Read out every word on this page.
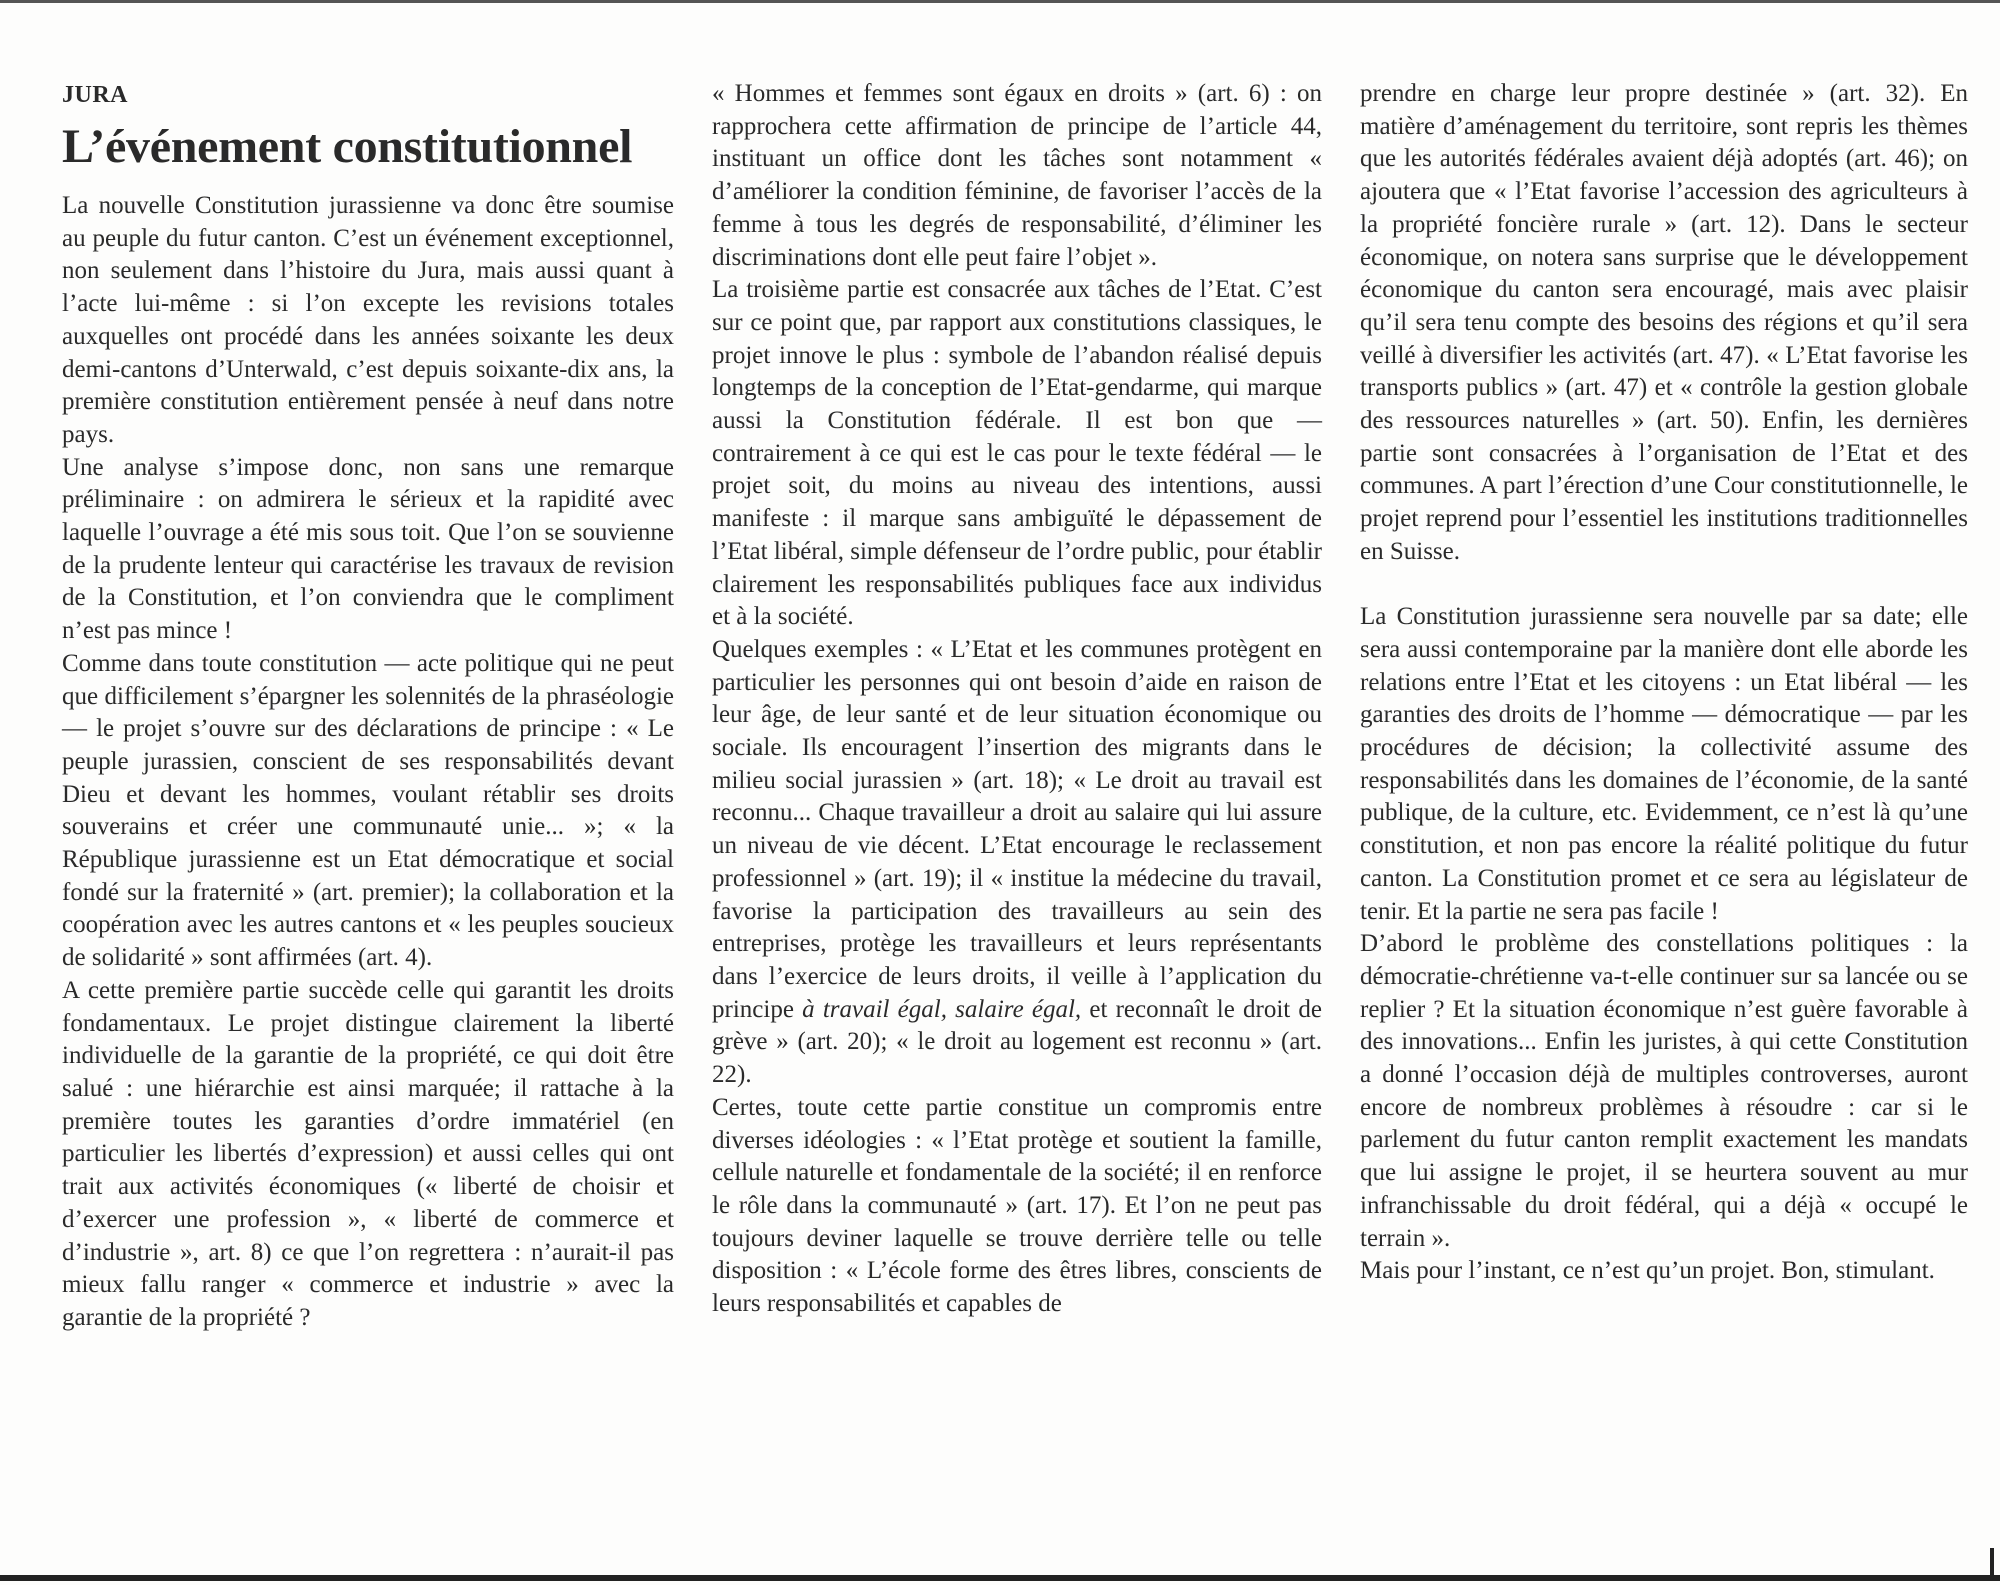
JURA
L’événement constitutionnel

La nouvelle Constitution jurassienne va donc être soumise au peuple du futur canton. C’est un événement exceptionnel, non seulement dans l’histoire du Jura, mais aussi quant à l’acte lui-même : si l’on excepte les revisions totales auxquelles ont procédé dans les années soixante les deux demi-cantons d’Unterwald, c’est depuis soixante-dix ans, la première constitution entièrement pensée à neuf dans notre pays.

Une analyse s’impose donc, non sans une remarque préliminaire : on admirera le sérieux et la rapidité avec laquelle l’ouvrage a été mis sous toit. Que l’on se souvienne de la prudente lenteur qui caractérise les travaux de revision de la Constitution, et l’on conviendra que le compliment n’est pas mince !

Comme dans toute constitution — acte politique qui ne peut que difficilement s’épargner les solennités de la phraséologie — le projet s’ouvre sur des déclarations de principe : « Le peuple jurassien, conscient de ses responsabilités devant Dieu et devant les hommes, voulant rétablir ses droits souverains et créer une communauté unie... »; « la République jurassienne est un Etat démocratique et social fondé sur la fraternité » (art. premier); la collaboration et la coopération avec les autres cantons et « les peuples soucieux de solidarité » sont affirmées (art. 4).

A cette première partie succède celle qui garantit les droits fondamentaux. Le projet distingue clairement la liberté individuelle de la garantie de la propriété, ce qui doit être salué : une hiérarchie est ainsi marquée; il rattache à la première toutes les garanties d’ordre immatériel (en particulier les libertés d’expression) et aussi celles qui ont trait aux activités économiques (« liberté de choisir et d’exercer une profession », « liberté de commerce et d’industrie », art. 8) ce que l’on regrettera : n’aurait-il pas mieux fallu ranger « commerce et industrie » avec la garantie de la propriété ?

« Hommes et femmes sont égaux en droits » (art. 6) : on rapprochera cette affirmation de principe de l’article 44, instituant un office dont les tâches sont notamment « d’améliorer la condition féminine, de favoriser l’accès de la femme à tous les degrés de responsabilité, d’éliminer les discriminations dont elle peut faire l’objet ».

La troisième partie est consacrée aux tâches de l’Etat. C’est sur ce point que, par rapport aux constitutions classiques, le projet innove le plus : symbole de l’abandon réalisé depuis longtemps de la conception de l’Etat-gendarme, qui marque aussi la Constitution fédérale. Il est bon que — contrairement à ce qui est le cas pour le texte fédéral — le projet soit, du moins au niveau des intentions, aussi manifeste : il marque sans ambiguïté le dépassement de l’Etat libéral, simple défenseur de l’ordre public, pour établir clairement les responsabilités publiques face aux individus et à la société.

Quelques exemples : « L’Etat et les communes protègent en particulier les personnes qui ont besoin d’aide en raison de leur âge, de leur santé et de leur situation économique ou sociale. Ils encouragent l’insertion des migrants dans le milieu social jurassien » (art. 18); « Le droit au travail est reconnu... Chaque travailleur a droit au salaire qui lui assure un niveau de vie décent. L’Etat encourage le reclassement professionnel » (art. 19); il « institue la médecine du travail, favorise la participation des travailleurs au sein des entreprises, protège les travailleurs et leurs représentants dans l’exercice de leurs droits, il veille à l’application du principe à travail égal, salaire égal, et reconnaît le droit de grève » (art. 20); « le droit au logement est reconnu » (art. 22).

Certes, toute cette partie constitue un compromis entre diverses idéologies : « l’Etat protège et soutient la famille, cellule naturelle et fondamentale de la société; il en renforce le rôle dans la communauté » (art. 17). Et l’on ne peut pas toujours deviner laquelle se trouve derrière telle ou telle disposition : « L’école forme des êtres libres, conscients de leurs responsabilités et capables de

prendre en charge leur propre destinée » (art. 32). En matière d’aménagement du territoire, sont repris les thèmes que les autorités fédérales avaient déjà adoptés (art. 46); on ajoutera que « l’Etat favorise l’accession des agriculteurs à la propriété foncière rurale » (art. 12). Dans le secteur économique, on notera sans surprise que le développement économique du canton sera encouragé, mais avec plaisir qu’il sera tenu compte des besoins des régions et qu’il sera veillé à diversifier les activités (art. 47). « L’Etat favorise les transports publics » (art. 47) et « contrôle la gestion globale des ressources naturelles » (art. 50). Enfin, les dernières partie sont consacrées à l’organisation de l’Etat et des communes. A part l’érection d’une Cour constitutionnelle, le projet reprend pour l’essentiel les institutions traditionnelles en Suisse.

La Constitution jurassienne sera nouvelle par sa date; elle sera aussi contemporaine par la manière dont elle aborde les relations entre l’Etat et les citoyens : un Etat libéral — les garanties des droits de l’homme — démocratique — par les procédures de décision; la collectivité assume des responsabilités dans les domaines de l’économie, de la santé publique, de la culture, etc. Evidemment, ce n’est là qu’une constitution, et non pas encore la réalité politique du futur canton. La Constitution promet et ce sera au législateur de tenir. Et la partie ne sera pas facile !

D’abord le problème des constellations politiques : la démocratie-chrétienne va-t-elle continuer sur sa lancée ou se replier ? Et la situation économique n’est guère favorable à des innovations... Enfin les juristes, à qui cette Constitution a donné l’occasion déjà de multiples controverses, auront encore de nombreux problèmes à résoudre : car si le parlement du futur canton remplit exactement les mandats que lui assigne le projet, il se heurtera souvent au mur infranchissable du droit fédéral, qui a déjà « occupé le terrain ».

Mais pour l’instant, ce n’est qu’un projet. Bon, stimulant.
